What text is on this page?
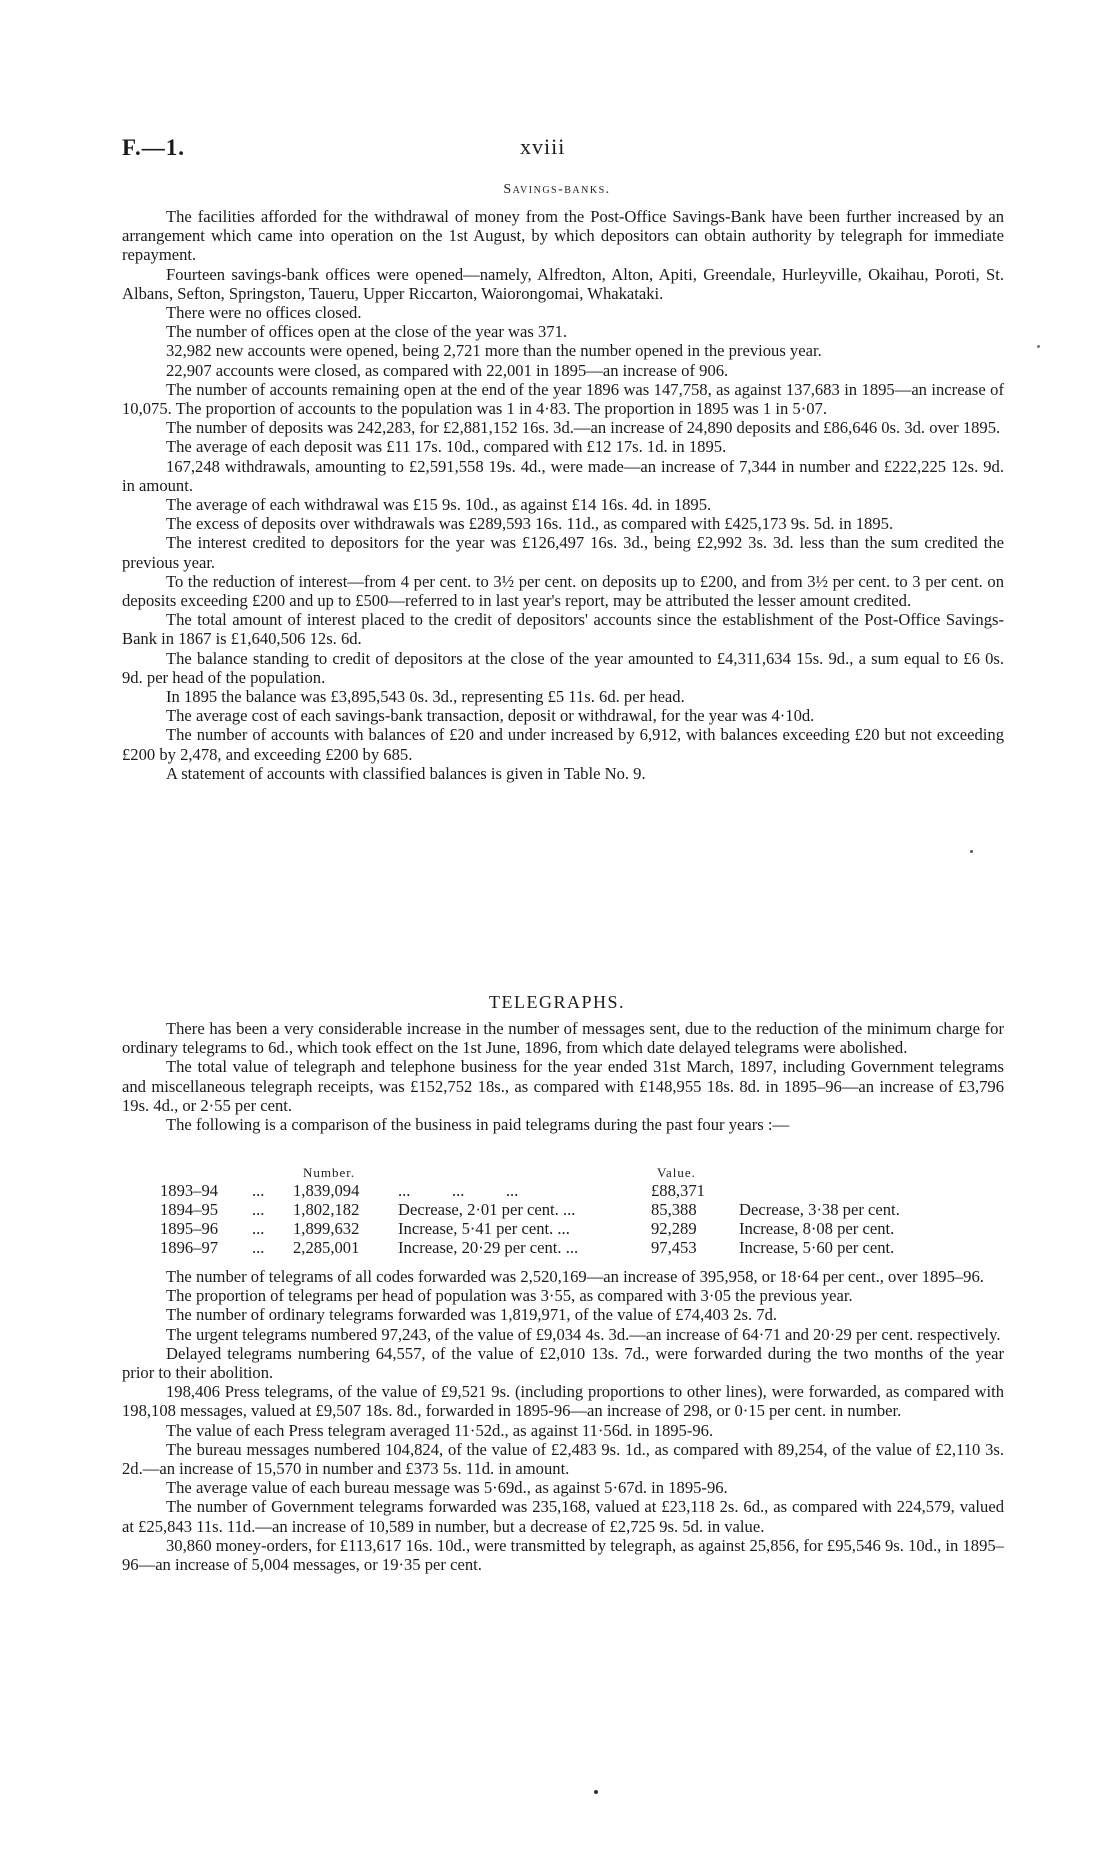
F.—1.	xviii
Savings-banks.

The facilities afforded for the withdrawal of money from the Post-Office Savings-Bank have been further increased by an arrangement which came into operation on the 1st August, by which depositors can obtain authority by telegraph for immediate repayment.

Fourteen savings-bank offices were opened—namely, Alfredton, Alton, Apiti, Greendale, Hurleyville, Okaihau, Poroti, St. Albans, Sefton, Springston, Taueru, Upper Riccarton, Waiorongomai, Whakataki.

There were no offices closed.

The number of offices open at the close of the year was 371.

32,982 new accounts were opened, being 2,721 more than the number opened in the previous year.

22,907 accounts were closed, as compared with 22,001 in 1895—an increase of 906.

The number of accounts remaining open at the end of the year 1896 was 147,758, as against 137,683 in 1895—an increase of 10,075. The proportion of accounts to the population was 1 in 4·83. The proportion in 1895 was 1 in 5·07.

The number of deposits was 242,283, for £2,881,152 16s. 3d.—an increase of 24,890 deposits and £86,646 0s. 3d. over 1895.

The average of each deposit was £11 17s. 10d., compared with £12 17s. 1d. in 1895.

167,248 withdrawals, amounting to £2,591,558 19s. 4d., were made—an increase of 7,344 in number and £222,225 12s. 9d. in amount.

The average of each withdrawal was £15 9s. 10d., as against £14 16s. 4d. in 1895.

The excess of deposits over withdrawals was £289,593 16s. 11d., as compared with £425,173 9s. 5d. in 1895.

The interest credited to depositors for the year was £126,497 16s. 3d., being £2,992 3s. 3d. less than the sum credited the previous year.

To the reduction of interest—from 4 per cent. to 3½ per cent. on deposits up to £200, and from 3½ per cent. to 3 per cent. on deposits exceeding £200 and up to £500—referred to in last year's report, may be attributed the lesser amount credited.

The total amount of interest placed to the credit of depositors' accounts since the establishment of the Post-Office Savings-Bank in 1867 is £1,640,506 12s. 6d.

The balance standing to credit of depositors at the close of the year amounted to £4,311,634 15s. 9d., a sum equal to £6 0s. 9d. per head of the population.

In 1895 the balance was £3,895,543 0s. 3d., representing £5 11s. 6d. per head.

The average cost of each savings-bank transaction, deposit or withdrawal, for the year was 4·10d.

The number of accounts with balances of £20 and under increased by 6,912, with balances exceeding £20 but not exceeding £200 by 2,478, and exceeding £200 by 685.

A statement of accounts with classified balances is given in Table No. 9.

TELEGRAPHS.

There has been a very considerable increase in the number of messages sent, due to the reduction of the minimum charge for ordinary telegrams to 6d., which took effect on the 1st June, 1896, from which date delayed telegrams were abolished.

The total value of telegraph and telephone business for the year ended 31st March, 1897, including Government telegrams and miscellaneous telegraph receipts, was £152,752 18s., as compared with £148,955 18s. 8d. in 1895–96—an increase of £3,796 19s. 4d., or 2·55 per cent.

The following is a comparison of the business in paid telegrams during the past four years :—

Number.	Value.
1893–94 ... 1,839,094 ...          ...          ...	£88,371
1894–95 ... 1,802,182 Decrease, 2·01 per cent. ...	85,388	Decrease, 3·38 per cent.
1895–96 ... 1,899,632 Increase, 5·41 per cent. ...	92,289	Increase, 8·08 per cent.
1896–97 ... 2,285,001 Increase, 20·29 per cent. ...	97,453	Increase, 5·60 per cent.

The number of telegrams of all codes forwarded was 2,520,169—an increase of 395,958, or 18·64 per cent., over 1895–96.

The proportion of telegrams per head of population was 3·55, as compared with 3·05 the previous year.

The number of ordinary telegrams forwarded was 1,819,971, of the value of £74,403 2s. 7d.

The urgent telegrams numbered 97,243, of the value of £9,034 4s. 3d.—an increase of 64·71 and 20·29 per cent. respectively.

Delayed telegrams numbering 64,557, of the value of £2,010 13s. 7d., were forwarded during the two months of the year prior to their abolition.

198,406 Press telegrams, of the value of £9,521 9s. (including proportions to other lines), were forwarded, as compared with 198,108 messages, valued at £9,507 18s. 8d., forwarded in 1895-96—an increase of 298, or 0·15 per cent. in number.

The value of each Press telegram averaged 11·52d., as against 11·56d. in 1895-96.

The bureau messages numbered 104,824, of the value of £2,483 9s. 1d., as compared with 89,254, of the value of £2,110 3s. 2d.—an increase of 15,570 in number and £373 5s. 11d. in amount.

The average value of each bureau message was 5·69d., as against 5·67d. in 1895-96.

The number of Government telegrams forwarded was 235,168, valued at £23,118 2s. 6d., as compared with 224,579, valued at £25,843 11s. 11d.—an increase of 10,589 in number, but a decrease of £2,725 9s. 5d. in value.

30,860 money-orders, for £113,617 16s. 10d., were transmitted by telegraph, as against 25,856, for £95,546 9s. 10d., in 1895–96—an increase of 5,004 messages, or 19·35 per cent.
